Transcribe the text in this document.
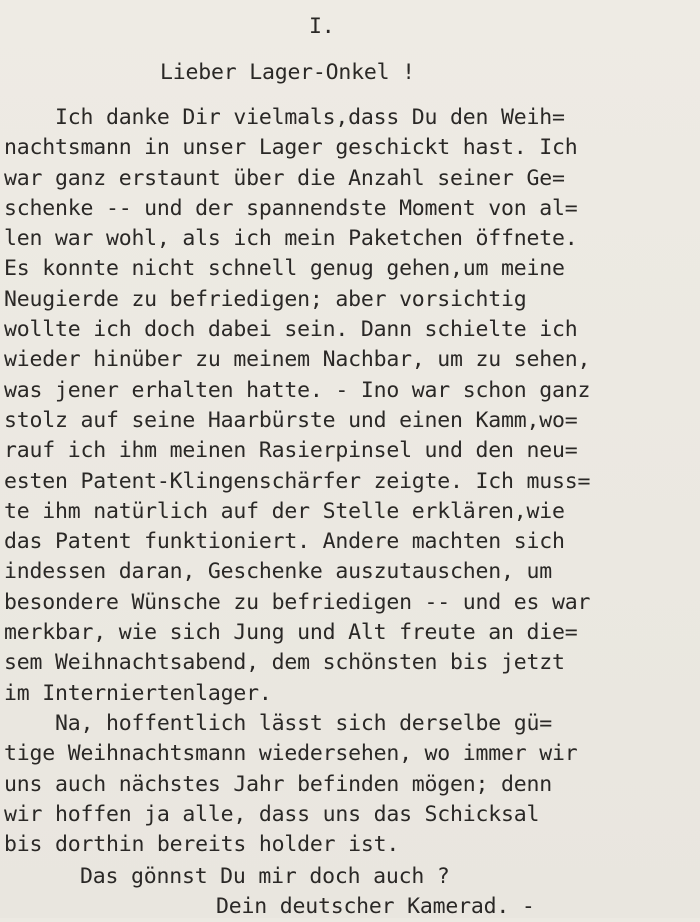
I.
Lieber Lager-Onkel !
Ich danke Dir vielmals,dass Du den Weih=
nachtsmann in unser Lager geschickt hast. Ich
war ganz erstaunt über die Anzahl seiner Ge=
schenke -- und der spannendste Moment von al=
len war wohl, als ich mein Paketchen öffnete.
Es konnte nicht schnell genug gehen,um meine
Neugierde zu befriedigen; aber vorsichtig
wollte ich doch dabei sein. Dann schielte ich
wieder hinüber zu meinem Nachbar, um zu sehen,
was jener erhalten hatte. - Ino war schon ganz
stolz auf seine Haarbürste und einen Kamm,wo=
rauf ich ihm meinen Rasierpinsel und den neu=
esten Patent-Klingenschärfer zeigte. Ich muss=
te ihm natürlich auf der Stelle erklären,wie
das Patent funktioniert. Andere machten sich
indessen daran, Geschenke auszutauschen, um
besondere Wünsche zu befriedigen -- und es war
merkbar, wie sich Jung und Alt freute an die=
sem Weihnachtsabend, dem schönsten bis jetzt
im Interniertenlager.
Na, hoffentlich lässt sich derselbe gü=
tige Weihnachtsmann wiedersehen, wo immer wir
uns auch nächstes Jahr befinden mögen; denn
wir hoffen ja alle, dass uns das Schicksal
bis dorthin bereits holder ist.
Das gönnst Du mir doch auch ?
Dein deutscher Kamerad. -
